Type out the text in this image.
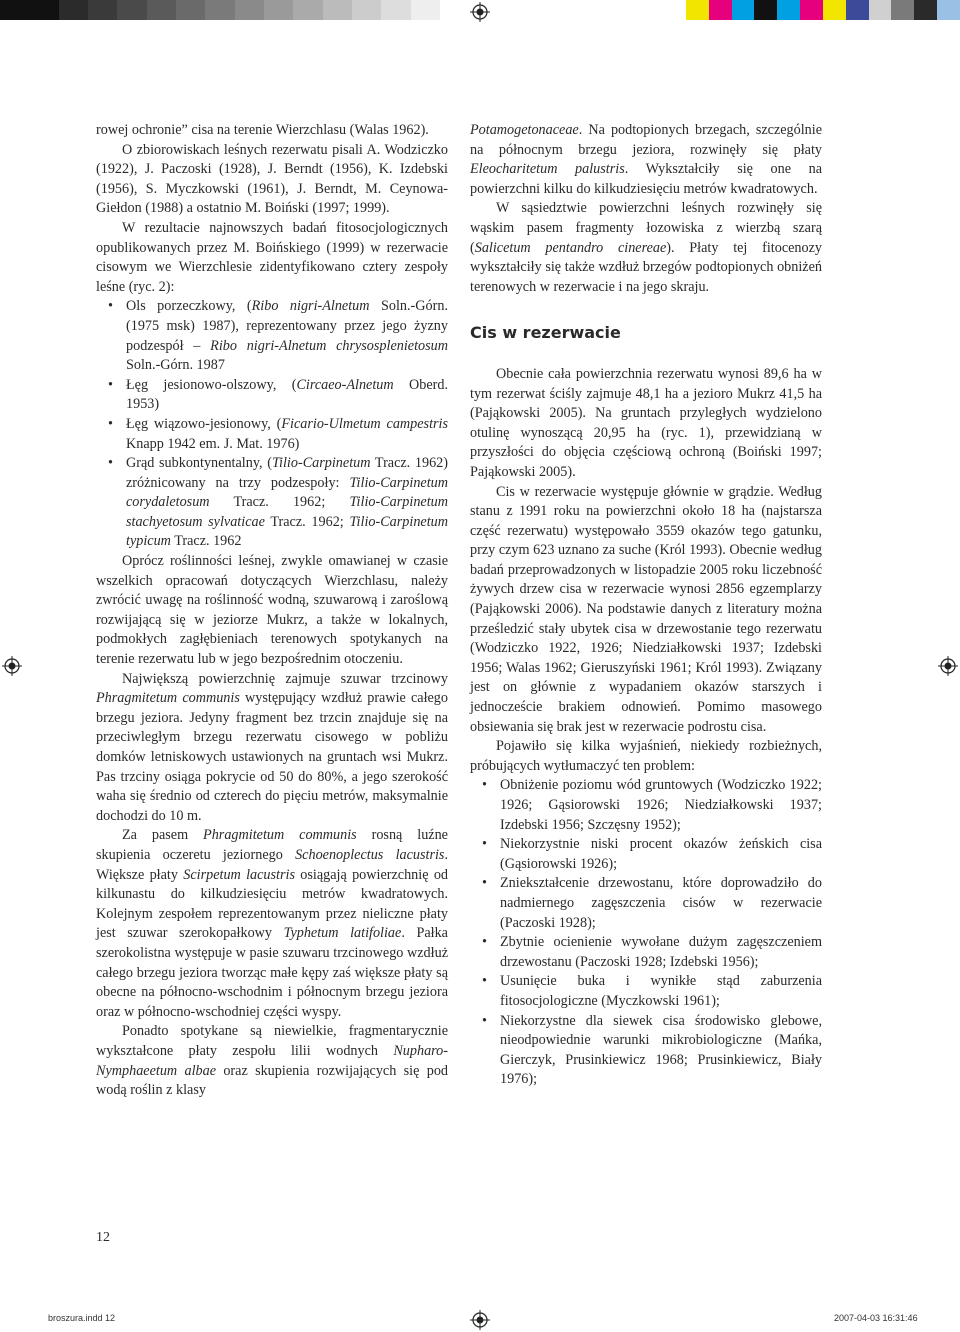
rowej ochronie” cisa na terenie Wierzchlasu (Walas 1962).

O zbiorowiskach leśnych rezerwatu pisali A. Wodziczko (1922), J. Paczoski (1928), J. Berndt (1956), K. Izdebski (1956), S. Myczkowski (1961), J. Berndt, M. Ceynowa-Giełdon (1988) a ostatnio M. Boiński (1997; 1999).

W rezultacie najnowszych badań fitosocjologicznych opublikowanych przez M. Boińskiego (1999) w rezerwacie cisowym we Wierzchlesie zidentyfikowano cztery zespoły leśne (ryc. 2):

• Ols porzeczkowy, (Ribo nigri-Alnetum Soln.-Górn. (1975 msk) 1987), reprezentowany przez jego żyzny podzespół – Ribo nigri-Alnetum chrysosplenietosum Soln.-Górn. 1987
• Łęg jesionowo-olszowy, (Circaeo-Alnetum Oberd. 1953)
• Łęg wiązowo-jesionowy, (Ficario-Ulmetum campestris Knapp 1942 em. J. Mat. 1976)
• Grąd subkontynentalny, (Tilio-Carpinetum Tracz. 1962) zróżnicowany na trzy podzespoły: Tilio-Carpinetum corydaletosum Tracz. 1962; Tilio-Carpinetum stachyetosum sylvaticae Tracz. 1962; Tilio-Carpinetum typicum Tracz. 1962

Oprócz roślinności leśnej, zwykle omawianej w czasie wszelkich opracowań dotyczących Wierzchlasu, należy zwrócić uwagę na roślinność wodną, szuwarową i zaroślową rozwijającą się w jeziorze Mukrz, a także w lokalnych, podmokłych zagłębieniach terenowych spotykanych na terenie rezerwatu lub w jego bezpośrednim otoczeniu.

Największą powierzchnię zajmuje szuwar trzcinowy Phragmitetum communis występujący wzdłuż prawie całego brzegu jeziora. Jedyny fragment bez trzcin znajduje się na przeciwległym brzegu rezerwatu cisowego w pobliżu domków letniskowych ustawionych na gruntach wsi Mukrz. Pas trzciny osiąga pokrycie od 50 do 80%, a jego szerokość waha się średnio od czterech do pięciu metrów, maksymalnie dochodzi do 10 m.

Za pasem Phragmitetum communis rosną luźne skupienia oczeretu jeziornego Schoenoplectus lacustris. Większe płaty Scirpetum lacustris osiągają powierzchnię od kilkunastu do kilkudziesięciu metrów kwadratowych. Kolejnym zespołem reprezentowanym przez nieliczne płaty jest szuwar szerokopałkowy Typhetum latifoliae. Pałka szerokolistna występuje w pasie szuwaru trzcinowego wzdłuż całego brzegu jeziora tworząc małe kępy zaś większe płaty są obecne na północno-wschodnim i północnym brzegu jeziora oraz w północno-wschodniej części wyspy.

Ponadto spotykane są niewielkie, fragmentarycznie wykształcone płaty zespołu lilii wodnych Nupharo-Nymphaeetum albae oraz skupienia rozwijających się pod wodą roślin z klasy

Potamogetonaceae. Na podtopionych brzegach, szczególnie na północnym brzegu jeziora, rozwinęły się płaty Eleocharitetum palustris. Wykształciły się one na powierzchni kilku do kilkudziesięciu metrów kwadratowych.

W sąsiedztwie powierzchni leśnych rozwinęły się wąskim pasem fragmenty łozowiska z wierzbą szarą (Salicetum pentandro cinereae). Płaty tej fitocenozy wykształciły się także wzdłuż brzegów podtopionych obniżeń terenowych w rezerwacie i na jego skraju.

Cis w rezerwacie

Obecnie cała powierzchnia rezerwatu wynosi 89,6 ha w tym rezerwat ściśly zajmuje 48,1 ha a jezioro Mukrz 41,5 ha (Pająkowski 2005). Na gruntach przyległych wydzielono otulinę wynoszącą 20,95 ha (ryc. 1), przewidzianą w przyszłości do objęcia częściową ochroną (Boiński 1997; Pająkowski 2005).

Cis w rezerwacie występuje głównie w grądzie. Według stanu z 1991 roku na powierzchni około 18 ha (najstarsza część rezerwatu) występowało 3559 okazów tego gatunku, przy czym 623 uznano za suche (Król 1993). Obecnie według badań przeprowadzonych w listopadzie 2005 roku liczebność żywych drzew cisa w rezerwacie wynosi 2856 egzemplarzy (Pająkowski 2006). Na podstawie danych z literatury można prześledzić stały ubytek cisa w drzewostanie tego rezerwatu (Wodziczko 1922, 1926; Niedziałkowski 1937; Izdebski 1956; Walas 1962; Gieruszyński 1961; Król 1993). Związany jest on głównie z wypadaniem okazów starszych i jednoczeście brakiem odnowień. Pomimo masowego obsiewania się brak jest w rezerwacie podrostu cisa.

Pojawiło się kilka wyjaśnień, niekiedy rozbieżnych, próbujących wytłumaczyć ten problem:

• Obniżenie poziomu wód gruntowych (Wodziczko 1922; 1926; Gąsiorowski 1926; Niedziałkowski 1937; Izdebski 1956; Szczęsny 1952);
• Niekorzystnie niski procent okazów żeńskich cisa (Gąsiorowski 1926);
• Zniekształcenie drzewostanu, które doprowadziło do nadmiernego zagęszczenia cisów w rezerwacie (Paczoski 1928);
• Zbytnie ocienienie wywołane dużym zagęszczeniem drzewostanu (Paczoski 1928; Izdebski 1956);
• Usunięcie buka i wynikłe stąd zaburzenia fitosocjologiczne (Myczkowski 1961);
• Niekorzystne dla siewek cisa środowisko glebowe, nieodpowiednie warunki mikrobiologiczne (Mańka, Gierczyk, Prusinkiewicz 1968; Prusinkiewicz, Biały 1976);
12
broszura.indd 12	2007-04-03 16:31:46
